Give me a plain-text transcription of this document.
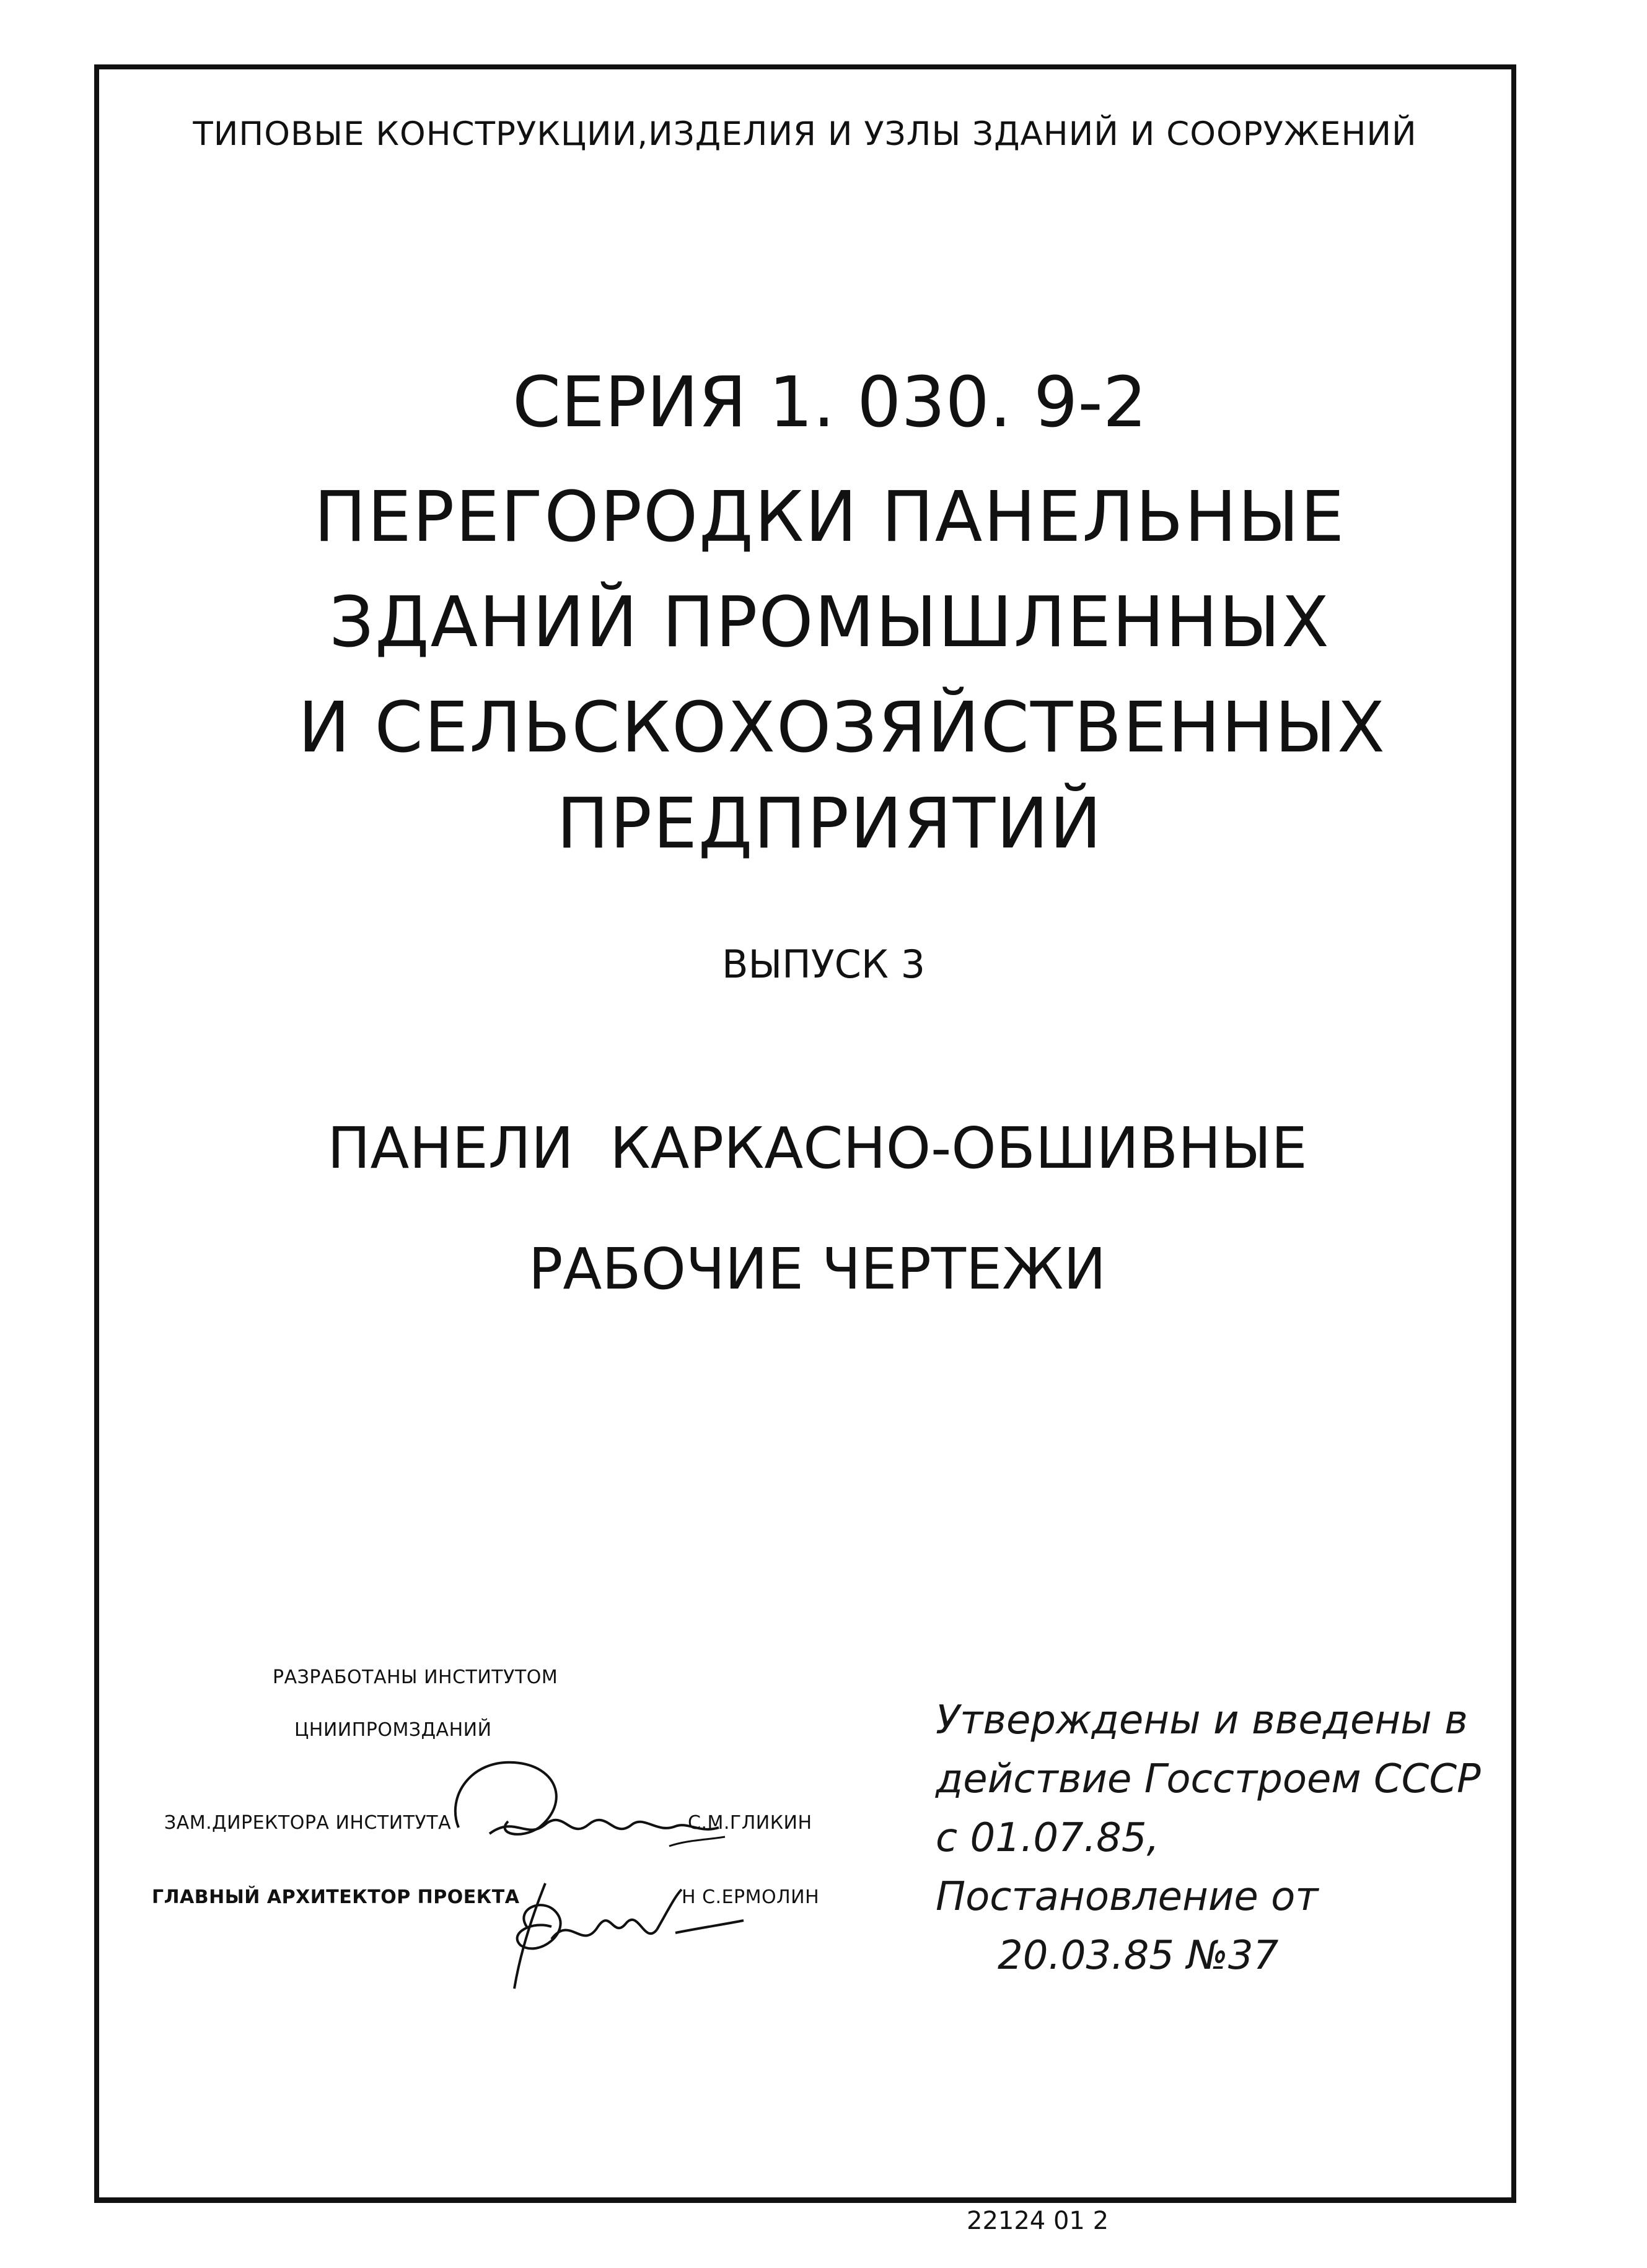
ТИПОВЫЕ КОНСТРУКЦИИ,ИЗДЕЛИЯ И УЗЛЫ ЗДАНИЙ И СООРУЖЕНИЙ
СЕРИЯ 1. 030. 9-2
ПЕРЕГОРОДКИ ПАНЕЛЬНЫЕ
ЗДАНИЙ ПРОМЫШЛЕННЫХ
И СЕЛЬСКОХОЗЯЙСТВЕННЫХ
ПРЕДПРИЯТИЙ
ВЫПУСК 3
ПАНЕЛИ  КАРКАСНО-ОБШИВНЫЕ
РАБОЧИЕ ЧЕРТЕЖИ
РАЗРАБОТАНЫ ИНСТИТУТОМ
ЦНИИПРОМЗДАНИЙ
ЗАМ.ДИРЕКТОРА ИНСТИТУТА	С.М.ГЛИКИН
ГЛАВНЫЙ АРХИТЕКТОР ПРОЕКТА	Н С.ЕРМОЛИН
Утверждены и введены в
действие Госстроем СССР
с 01.07.85,
Постановление от
20.03.85 №37
22124 01 2
